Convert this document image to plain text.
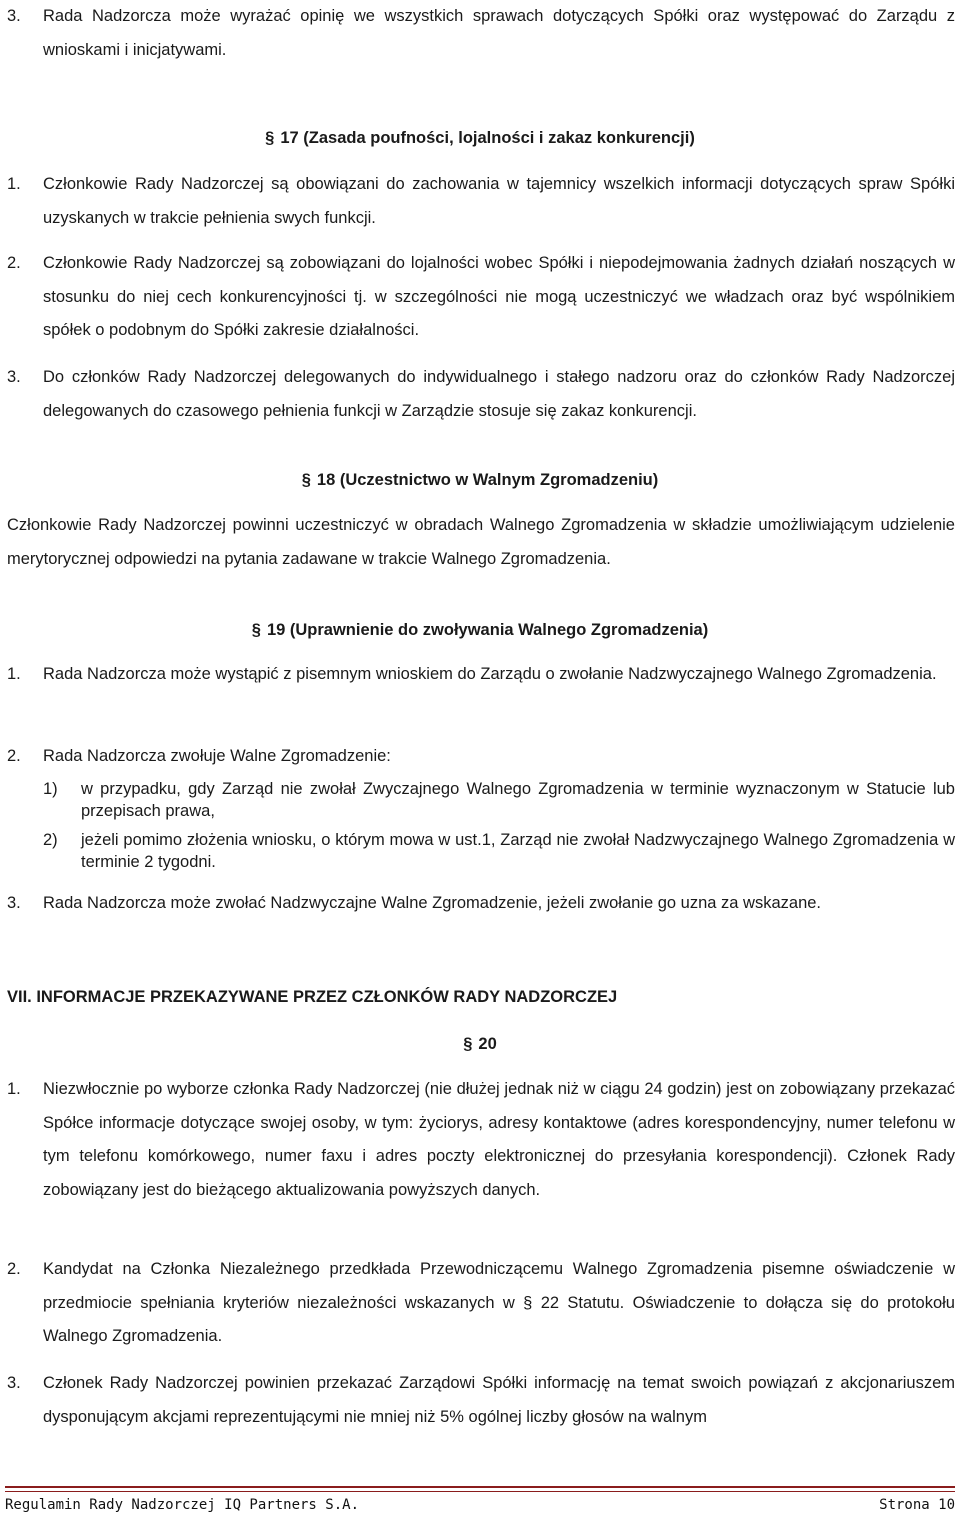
3. Rada Nadzorcza może wyrażać opinię we wszystkich sprawach dotyczących Spółki oraz występować do Zarządu z wnioskami i inicjatywami.
§ 17 (Zasada poufności, lojalności i zakaz konkurencji)
1. Członkowie Rady Nadzorczej są obowiązani do zachowania w tajemnicy wszelkich informacji dotyczących spraw Spółki uzyskanych w trakcie pełnienia swych funkcji.
2. Członkowie Rady Nadzorczej są zobowiązani do lojalności wobec Spółki i niepodejmowania żadnych działań noszących w stosunku do niej cech konkurencyjności tj. w szczególności nie mogą uczestniczyć we władzach oraz być wspólnikiem spółek o podobnym do Spółki zakresie działalności.
3. Do członków Rady Nadzorczej delegowanych do indywidualnego i stałego nadzoru oraz do członków Rady Nadzorczej delegowanych do czasowego pełnienia funkcji w Zarządzie stosuje się zakaz konkurencji.
§ 18 (Uczestnictwo w Walnym Zgromadzeniu)
Członkowie Rady Nadzorczej powinni uczestniczyć w obradach Walnego Zgromadzenia w składzie umożliwiającym udzielenie merytorycznej odpowiedzi na pytania zadawane w trakcie Walnego Zgromadzenia.
§ 19 (Uprawnienie do zwoływania Walnego Zgromadzenia)
1. Rada Nadzorcza może wystąpić z pisemnym wnioskiem do Zarządu o zwołanie Nadzwyczajnego Walnego Zgromadzenia.
2. Rada Nadzorcza zwołuje Walne Zgromadzenie:
1) w przypadku, gdy Zarząd nie zwołał Zwyczajnego Walnego Zgromadzenia w terminie wyznaczonym w Statucie lub przepisach prawa,
2) jeżeli pomimo złożenia wniosku, o którym mowa w ust.1, Zarząd nie zwołał Nadzwyczajnego Walnego Zgromadzenia w terminie 2 tygodni.
3. Rada Nadzorcza może zwołać Nadzwyczajne Walne Zgromadzenie, jeżeli zwołanie go uzna za wskazane.
VII. INFORMACJE PRZEKAZYWANE PRZEZ CZŁONKÓW RADY NADZORCZEJ
§ 20
1. Niezwłocznie po wyborze członka Rady Nadzorczej (nie dłużej jednak niż w ciągu 24 godzin) jest on zobowiązany przekazać Spółce informacje dotyczące swojej osoby, w tym: życiorys, adresy kontaktowe (adres korespondencyjny, numer telefonu w tym telefonu komórkowego, numer faxu i adres poczty elektronicznej do przesyłania korespondencji). Członek Rady zobowiązany jest do bieżącego aktualizowania powyższych danych.
2. Kandydat na Członka Niezależnego przedkłada Przewodniczącemu Walnego Zgromadzenia pisemne oświadczenie w przedmiocie spełniania kryteriów niezależności wskazanych w § 22 Statutu. Oświadczenie to dołącza się do protokołu Walnego Zgromadzenia.
3. Członek Rady Nadzorczej powinien przekazać Zarządowi Spółki informację na temat swoich powiązań z akcjonariuszem dysponującym akcjami reprezentującymi nie mniej niż 5% ogólnej liczby głosów na walnym
Regulamin Rady Nadzorczej IQ Partners S.A.	Strona 10
